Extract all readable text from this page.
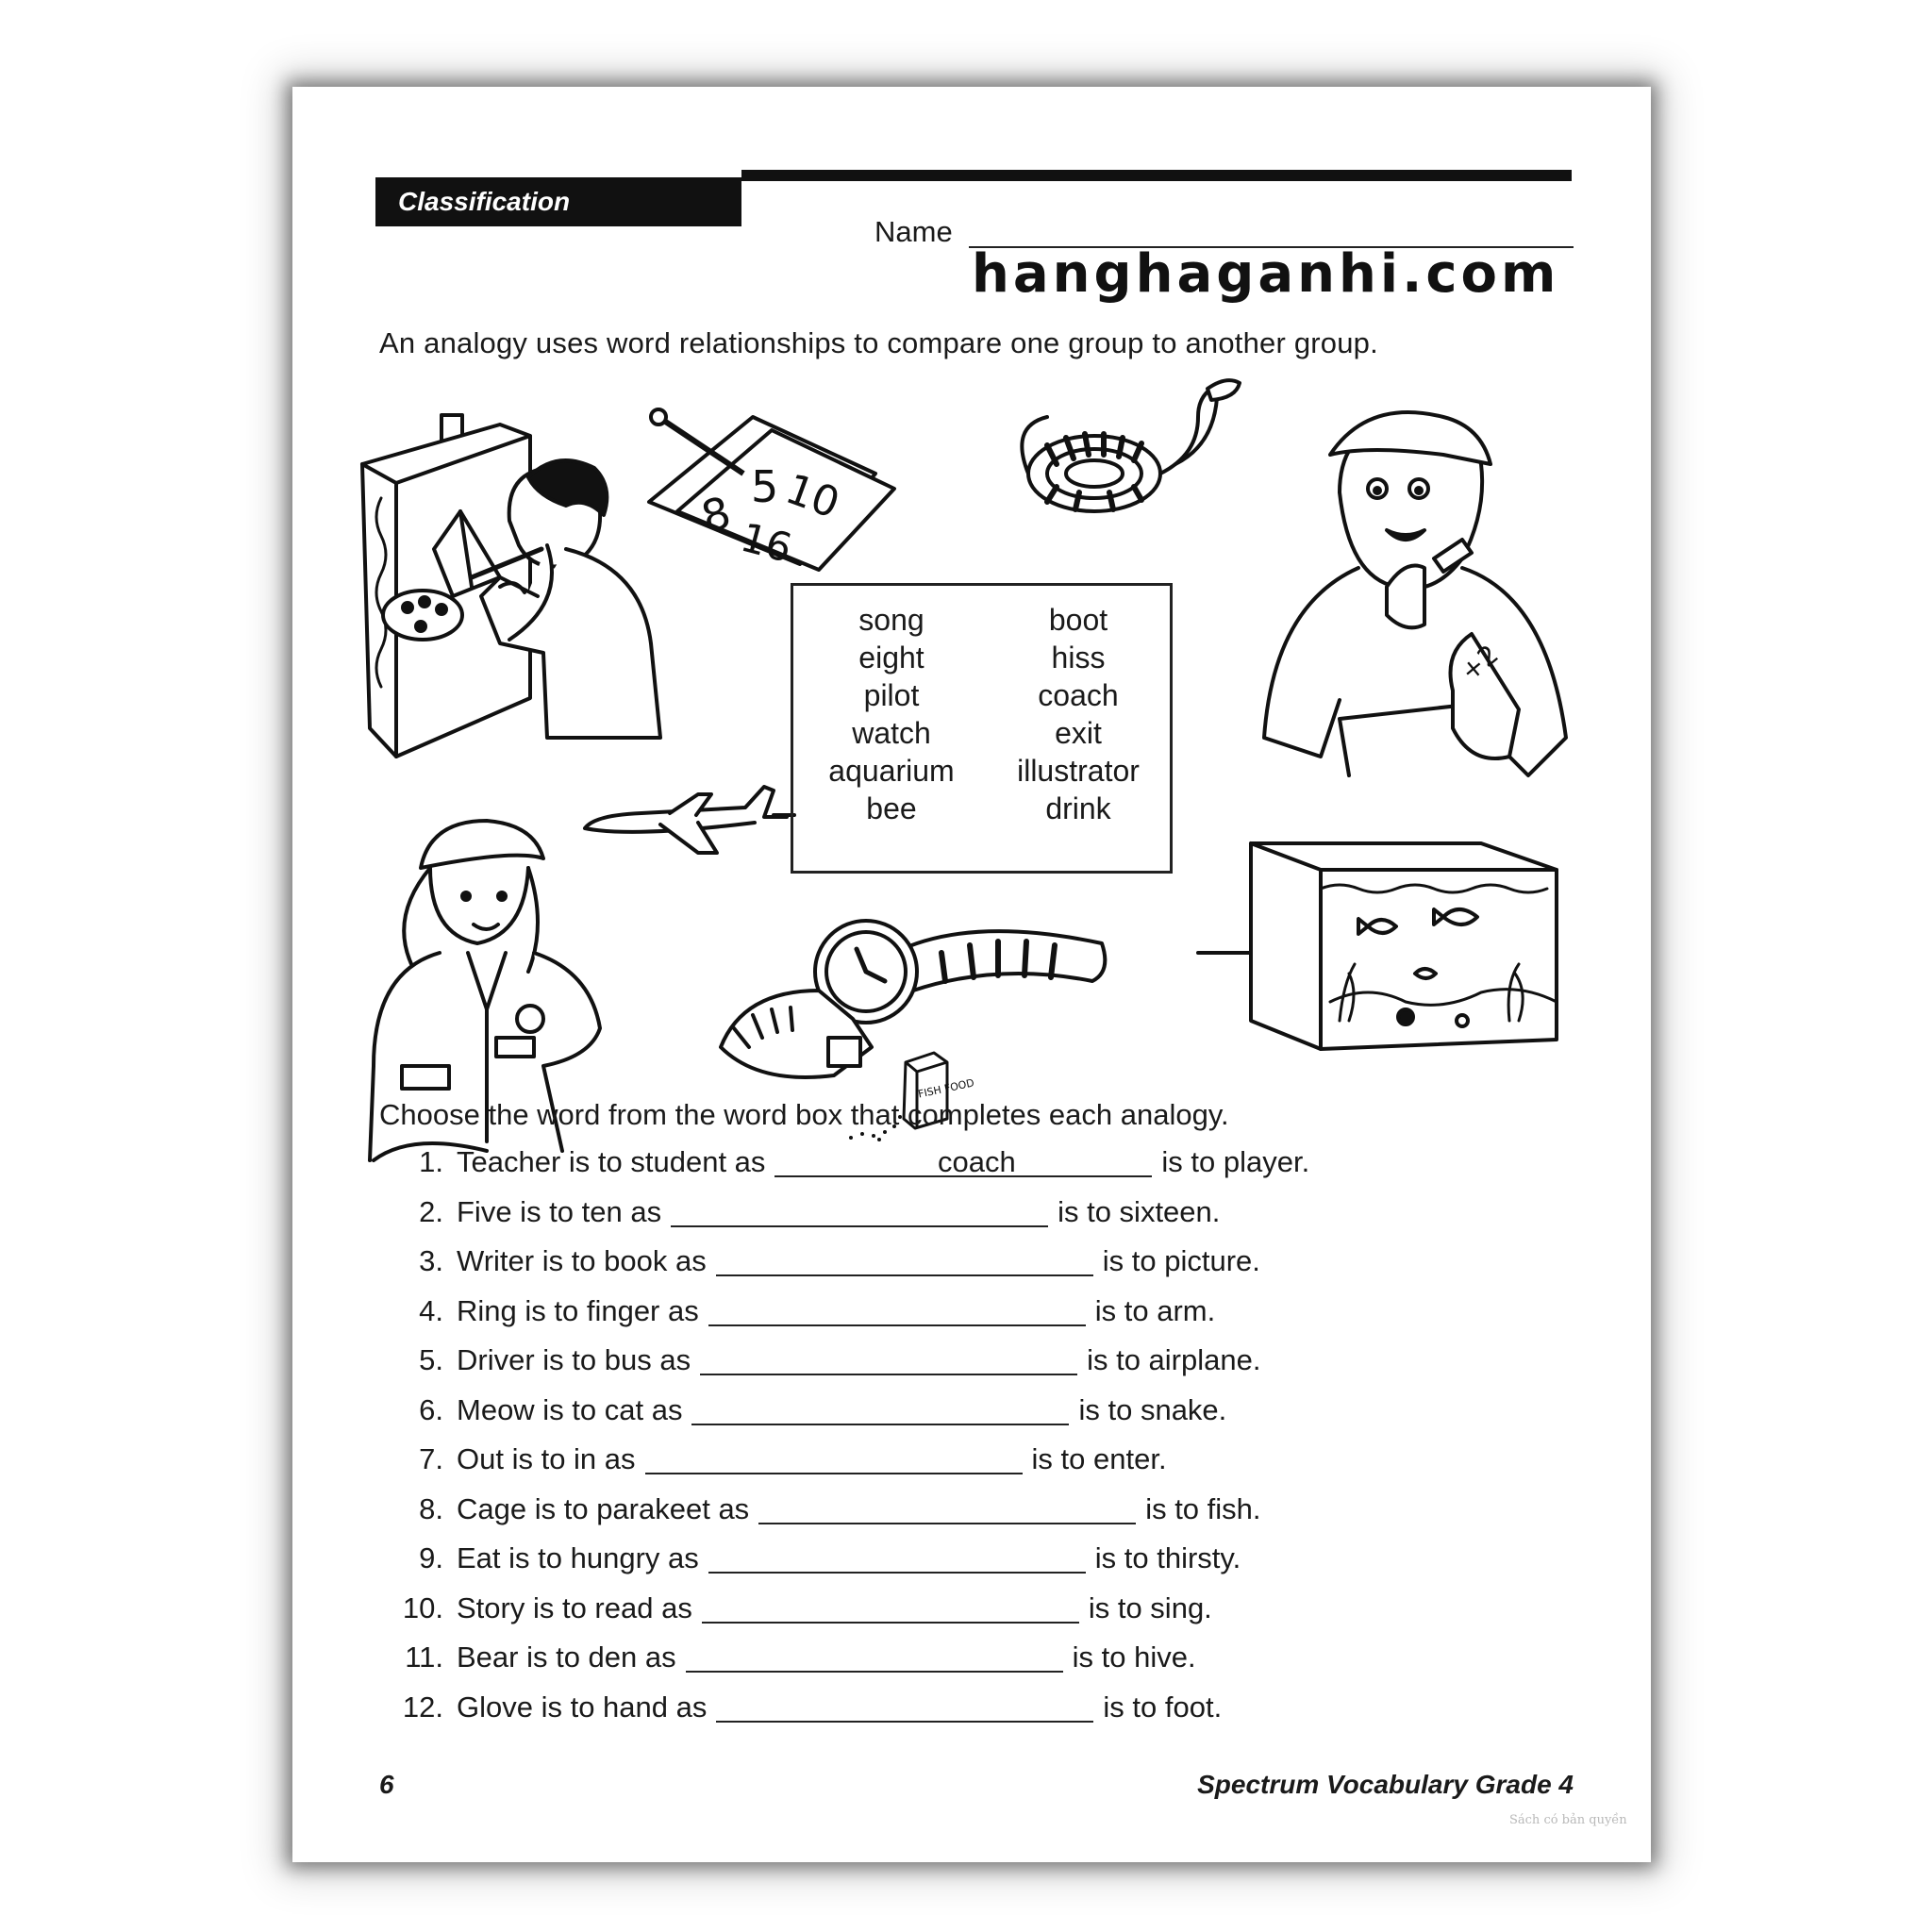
Classification
Name
hanghaganhi.com
An analogy uses word relationships to compare one group to another group.
5 10
8 16
+2
song
eight
pilot
watch
aquarium
bee
boot
hiss
coach
exit
illustrator
drink
FISH FOOD
Choose the word from the word box that completes each analogy.
1. Teacher is to student as	coach	is to player.
2. Five is to ten as	is to sixteen.
3. Writer is to book as	is to picture.
4. Ring is to finger as	is to arm.
5. Driver is to bus as	is to airplane.
6. Meow is to cat as	is to snake.
7. Out is to in as	is to enter.
8. Cage is to parakeet as	is to fish.
9. Eat is to hungry as	is to thirsty.
10. Story is to read as	is to sing.
11. Bear is to den as	is to hive.
12. Glove is to hand as	is to foot.
6	Spectrum Vocabulary Grade 4
Sách có bản quyền
